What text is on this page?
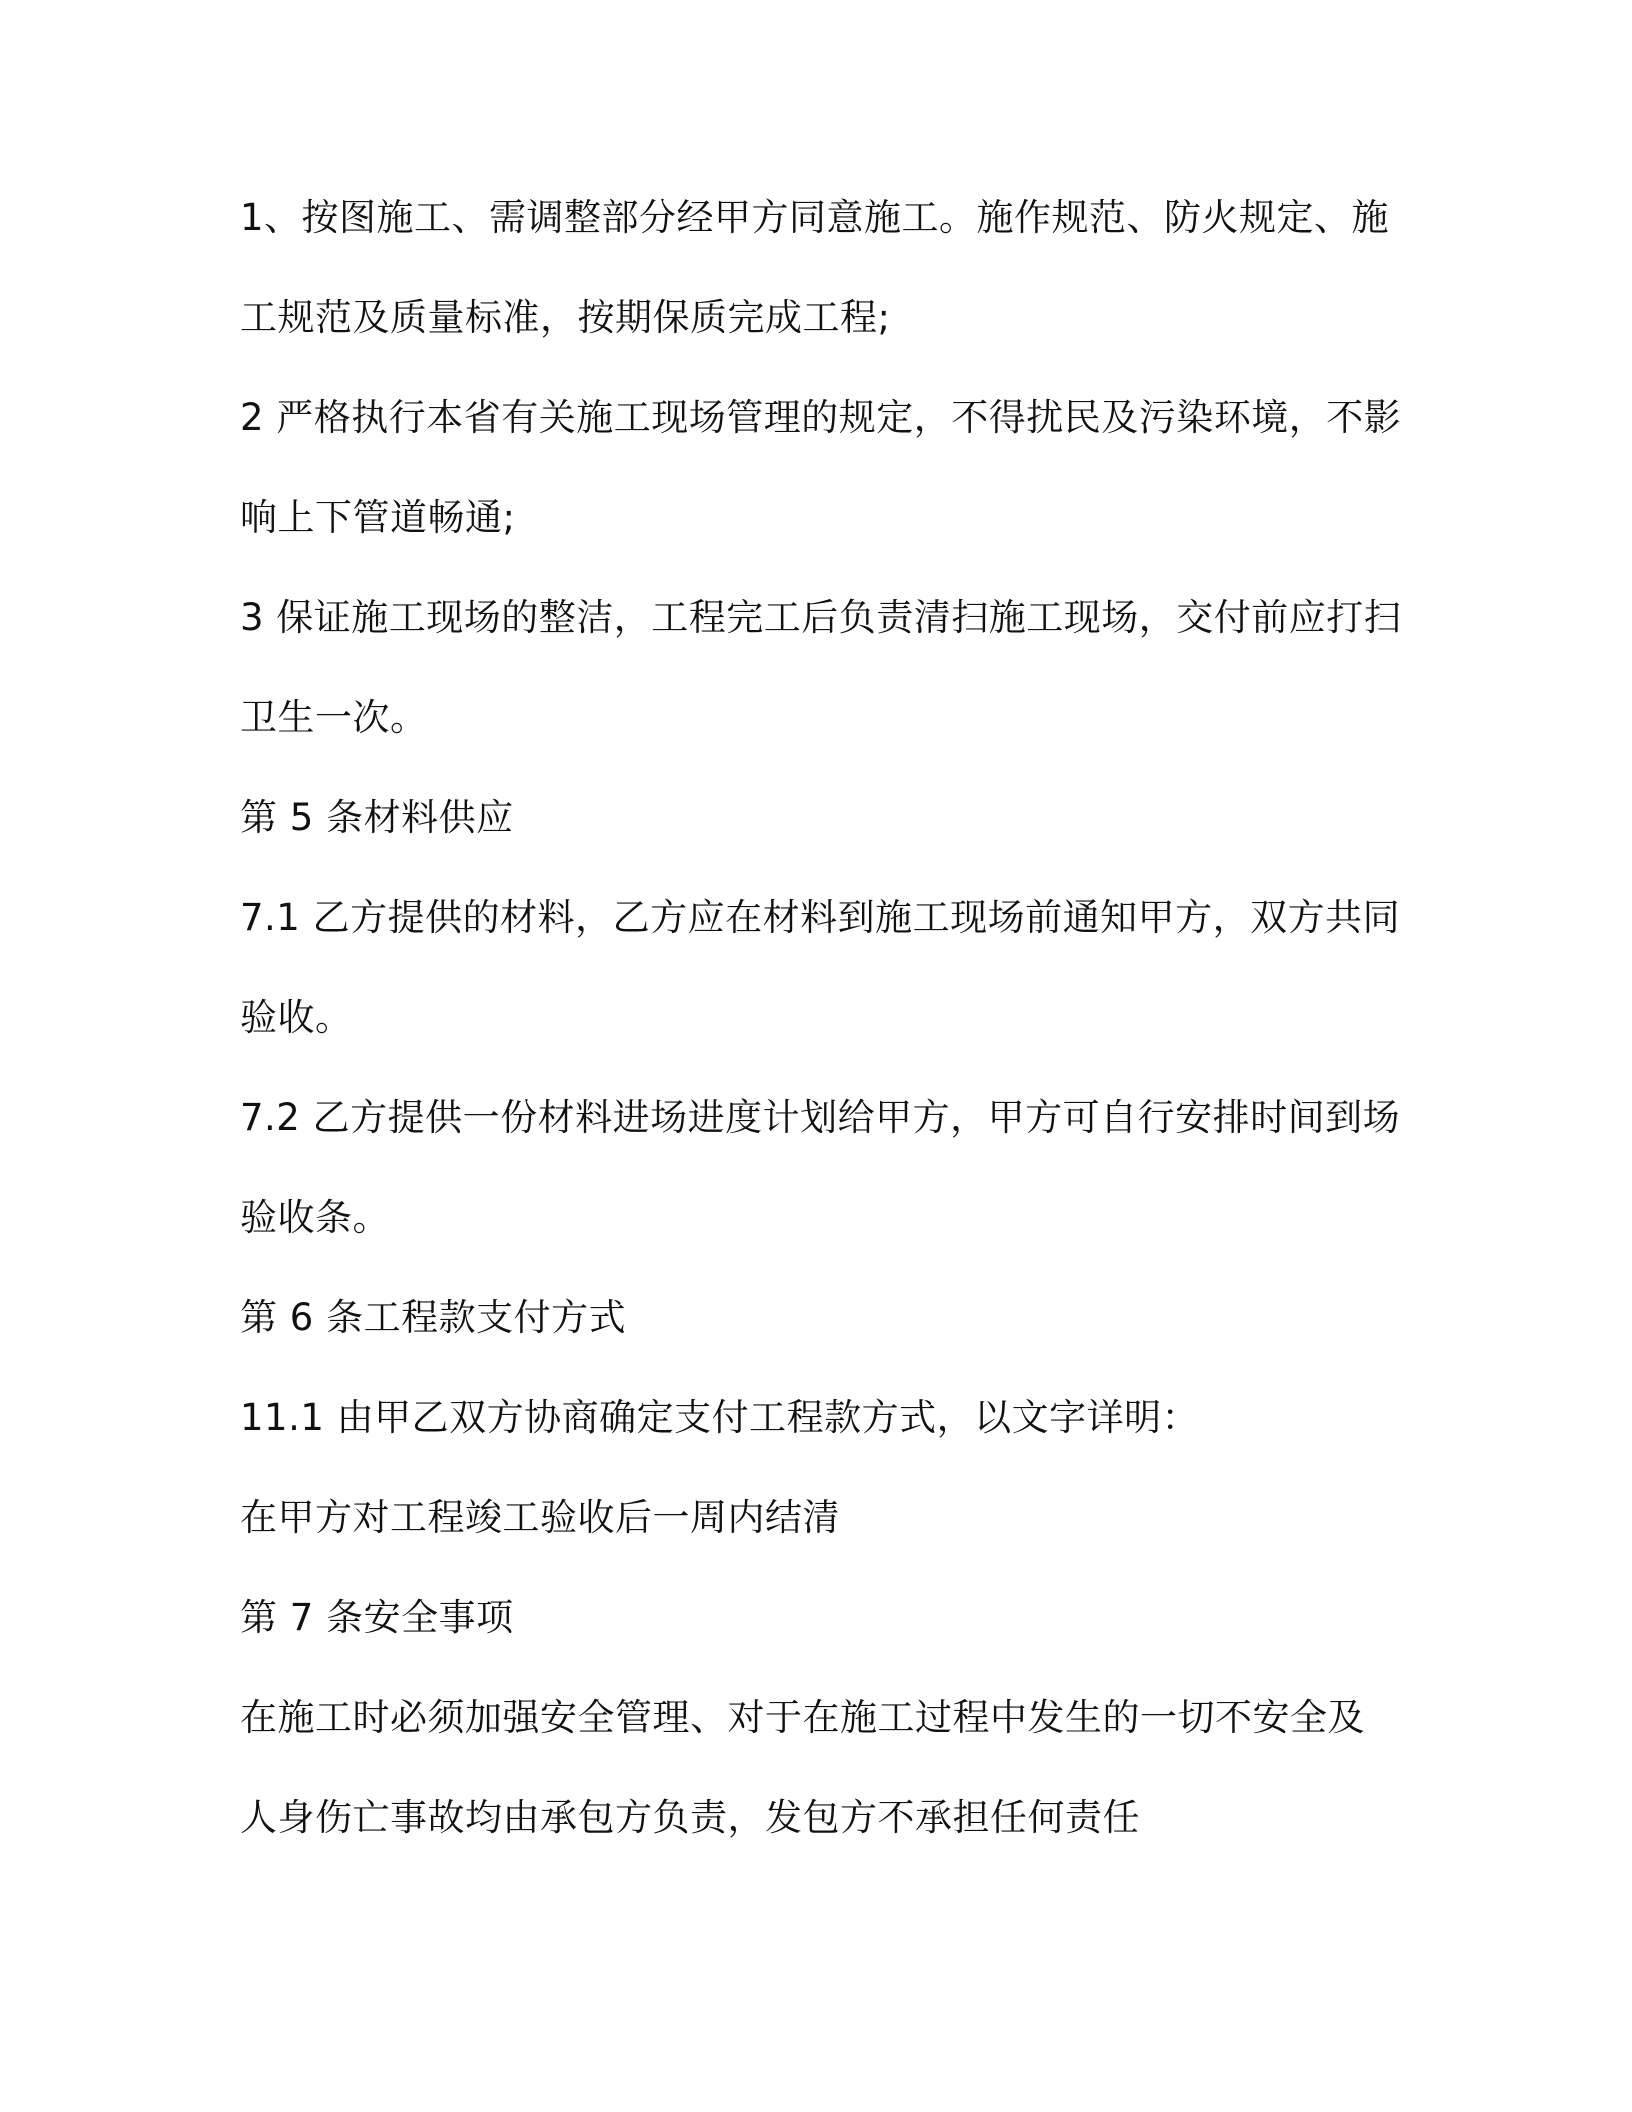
1、按图施工、需调整部分经甲方同意施工。施作规范、防火规定、施

工规范及质量标准，按期保质完成工程;

2 严格执行本省有关施工现场管理的规定，不得扰民及污染环境，不影

响上下管道畅通;

3 保证施工现场的整洁，工程完工后负责清扫施工现场，交付前应打扫

卫生一次。

第 5 条材料供应

7.1 乙方提供的材料，乙方应在材料到施工现场前通知甲方，双方共同

验收。

7.2 乙方提供一份材料进场进度计划给甲方，甲方可自行安排时间到场

验收条。

第 6 条工程款支付方式

11.1 由甲乙双方协商确定支付工程款方式，以文字详明：

在甲方对工程竣工验收后一周内结清

第 7 条安全事项

在施工时必须加强安全管理、对于在施工过程中发生的一切不安全及

人身伤亡事故均由承包方负责，发包方不承担任何责任
